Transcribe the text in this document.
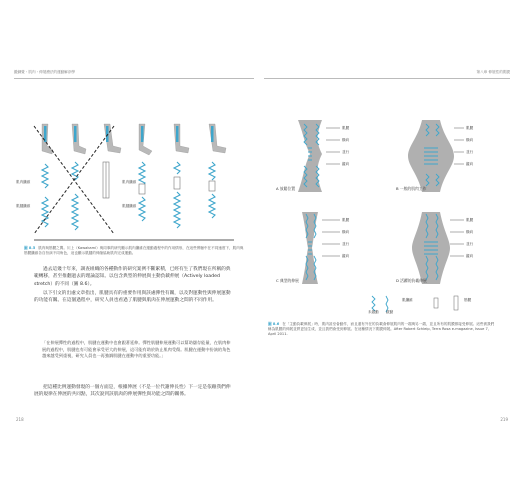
鍛鍊覺・肌肉・伸展療法的運動解剖學
肌肉纖維
肌腱纖維
肌肉纖維
肌腱纖維
圖 8.5 肌肉與筋膜之間。川上（Kawakami）與同事的研究顯示肌肉纖維在運動過程中的作用情形，在這些實驗中在不同速度下，肌肉與筋膜纖維各自扮演不同角色，這也顯示肌腱的伸縮協助肌肉完成運動。

過去這幾十年來，調查組織的各種動作的研究案例不斷累積，已經有生了我們現在所稱的典範轉移，甚至推翻過去的理論認知。以包含典型的伸展與主動負載伸展（Actively loaded stretch）的不同（圖 8.6）。

以下引文的出處文章指出，肌腱具有的重要作用與該處彈性有關，以及對運動性與伸展運動的功能有關。在這個過程中，研究人員也看過了肌腱與肌肉在伸展運動之間的不同作用。

「在伸展彈性的過程中，肌腱在運動中也會跟著延伸。彈性肌腱伸展運動可以幫助儲存能量，在肌肉伸展的過程中，肌腱也有可能會承受更大的伸展，這可能有助於防止肌肉受傷。肌腱在運動中扮演的角色越來越受到重視，研究人員也一再強調肌腱在運動中的重要功能。」

把這種比例運動發現的一個方面是，根據伸展（不是一位代謝伸長性）下一定是依賴我們伸展的規律在伸展的共同點，其次說到該肌肉的伸展彈性與功能之間的關係。

218
第八章 伸展性的肌膜
肌膜
橫向
並行
縱向
A 放鬆位置
肌膜
橫向
並行
縱向
B 一般的肌肉工作
肌膜
橫向
並行
縱向
C 典型的伸展
肌膜
橫向
並行
縱向
D 活躍的負載伸展
未啟動 啟動
肌纖維	筋膜
圖 8.6 在「主動負載伸展」時，肌肉甚至會動作，而且還有外在的負載會伸展肌肉的一端與另一端，並且所有的肌膜都接受伸展。這些被我們稱為肌膜的伸展並將更加生成，並且我們會受到伸展。在這種情況下肌膜伸展。After Robert Schleip, Terra Rosa e-magazine, Issue 7, April 2011.
219
